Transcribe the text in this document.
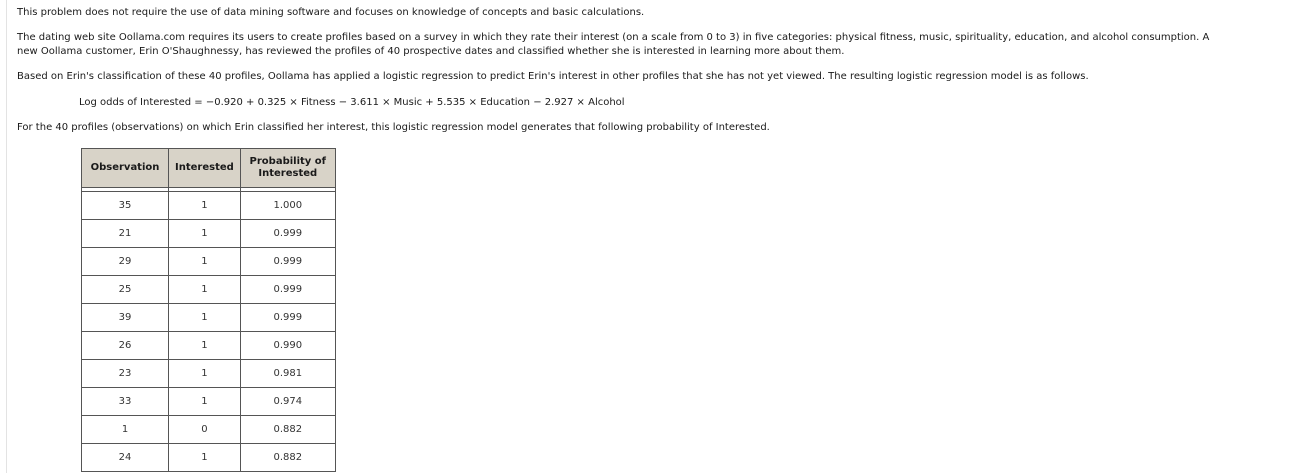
This problem does not require the use of data mining software and focuses on knowledge of concepts and basic calculations.

The dating web site Oollama.com requires its users to create profiles based on a survey in which they rate their interest (on a scale from 0 to 3) in five categories: physical fitness, music, spirituality, education, and alcohol consumption. A

new Oollama customer, Erin O'Shaughnessy, has reviewed the profiles of 40 prospective dates and classified whether she is interested in learning more about them.

Based on Erin's classification of these 40 profiles, Oollama has applied a logistic regression to predict Erin's interest in other profiles that she has not yet viewed. The resulting logistic regression model is as follows.

Log odds of Interested = −0.920 + 0.325 × Fitness − 3.611 × Music + 5.535 × Education − 2.927 × Alcohol

For the 40 profiles (observations) on which Erin classified her interest, this logistic regression model generates that following probability of Interested.

Observation	Interested	Probability of
Interested

35	1	1.000
21	1	0.999
29	1	0.999
25	1	0.999
39	1	0.999
26	1	0.990
23	1	0.981
33	1	0.974
1	0	0.882
24	1	0.882
